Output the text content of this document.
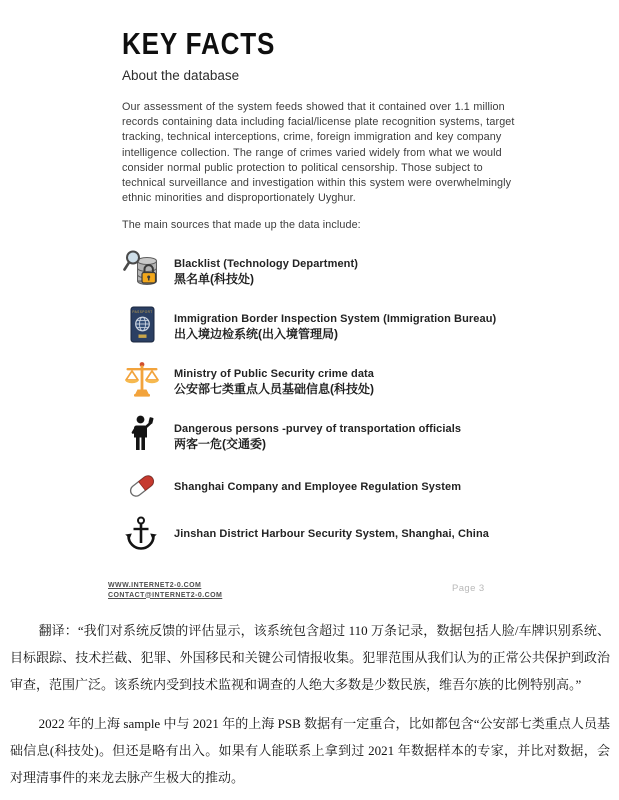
KEY FACTS
About the database

Our assessment of the system feeds showed that it contained over 1.1 million records containing data including facial/license plate recognition systems, target tracking, technical interceptions, crime, foreign immigration and key company intelligence collection. The range of crimes varied widely from what we would consider normal public protection to political censorship. Those subject to technical surveillance and investigation within this system were overwhelmingly ethnic minorities and disproportionately Uyghur.

The main sources that made up the data include:

Blacklist (Technology Department)
黑名单(科技处)
PASSPORT
Immigration Border Inspection System (Immigration Bureau)
出入境边检系统(出入境管理局)
Ministry of Public Security crime data
公安部七类重点人员基础信息(科技处)
Dangerous persons -purvey of transportation officials
两客一危(交通委)
Shanghai Company and Employee Regulation System
Jinshan District Harbour Security System, Shanghai, China
WWW.INTERNET2-0.COM
CONTACT@INTERNET2-0.COM
Page 3

翻译：“我们对系统反馈的评估显示，该系统包含超过 110 万条记录，数据包括人脸/车牌识别系统、目标跟踪、技术拦截、犯罪、外国移民和关键公司情报收集。犯罪范围从我们认为的正常公共保护到政治审查，范围广泛。该系统内受到技术监视和调查的人绝大多数是少数民族，维吾尔族的比例特别高。”

2022 年的上海 sample 中与 2021 年的上海 PSB 数据有一定重合，比如都包含“公安部七类重点人员基础信息(科技处)。但还是略有出入。如果有人能联系上拿到过 2021 年数据样本的专家，并比对数据，会对理清事件的来龙去脉产生极大的推动。
